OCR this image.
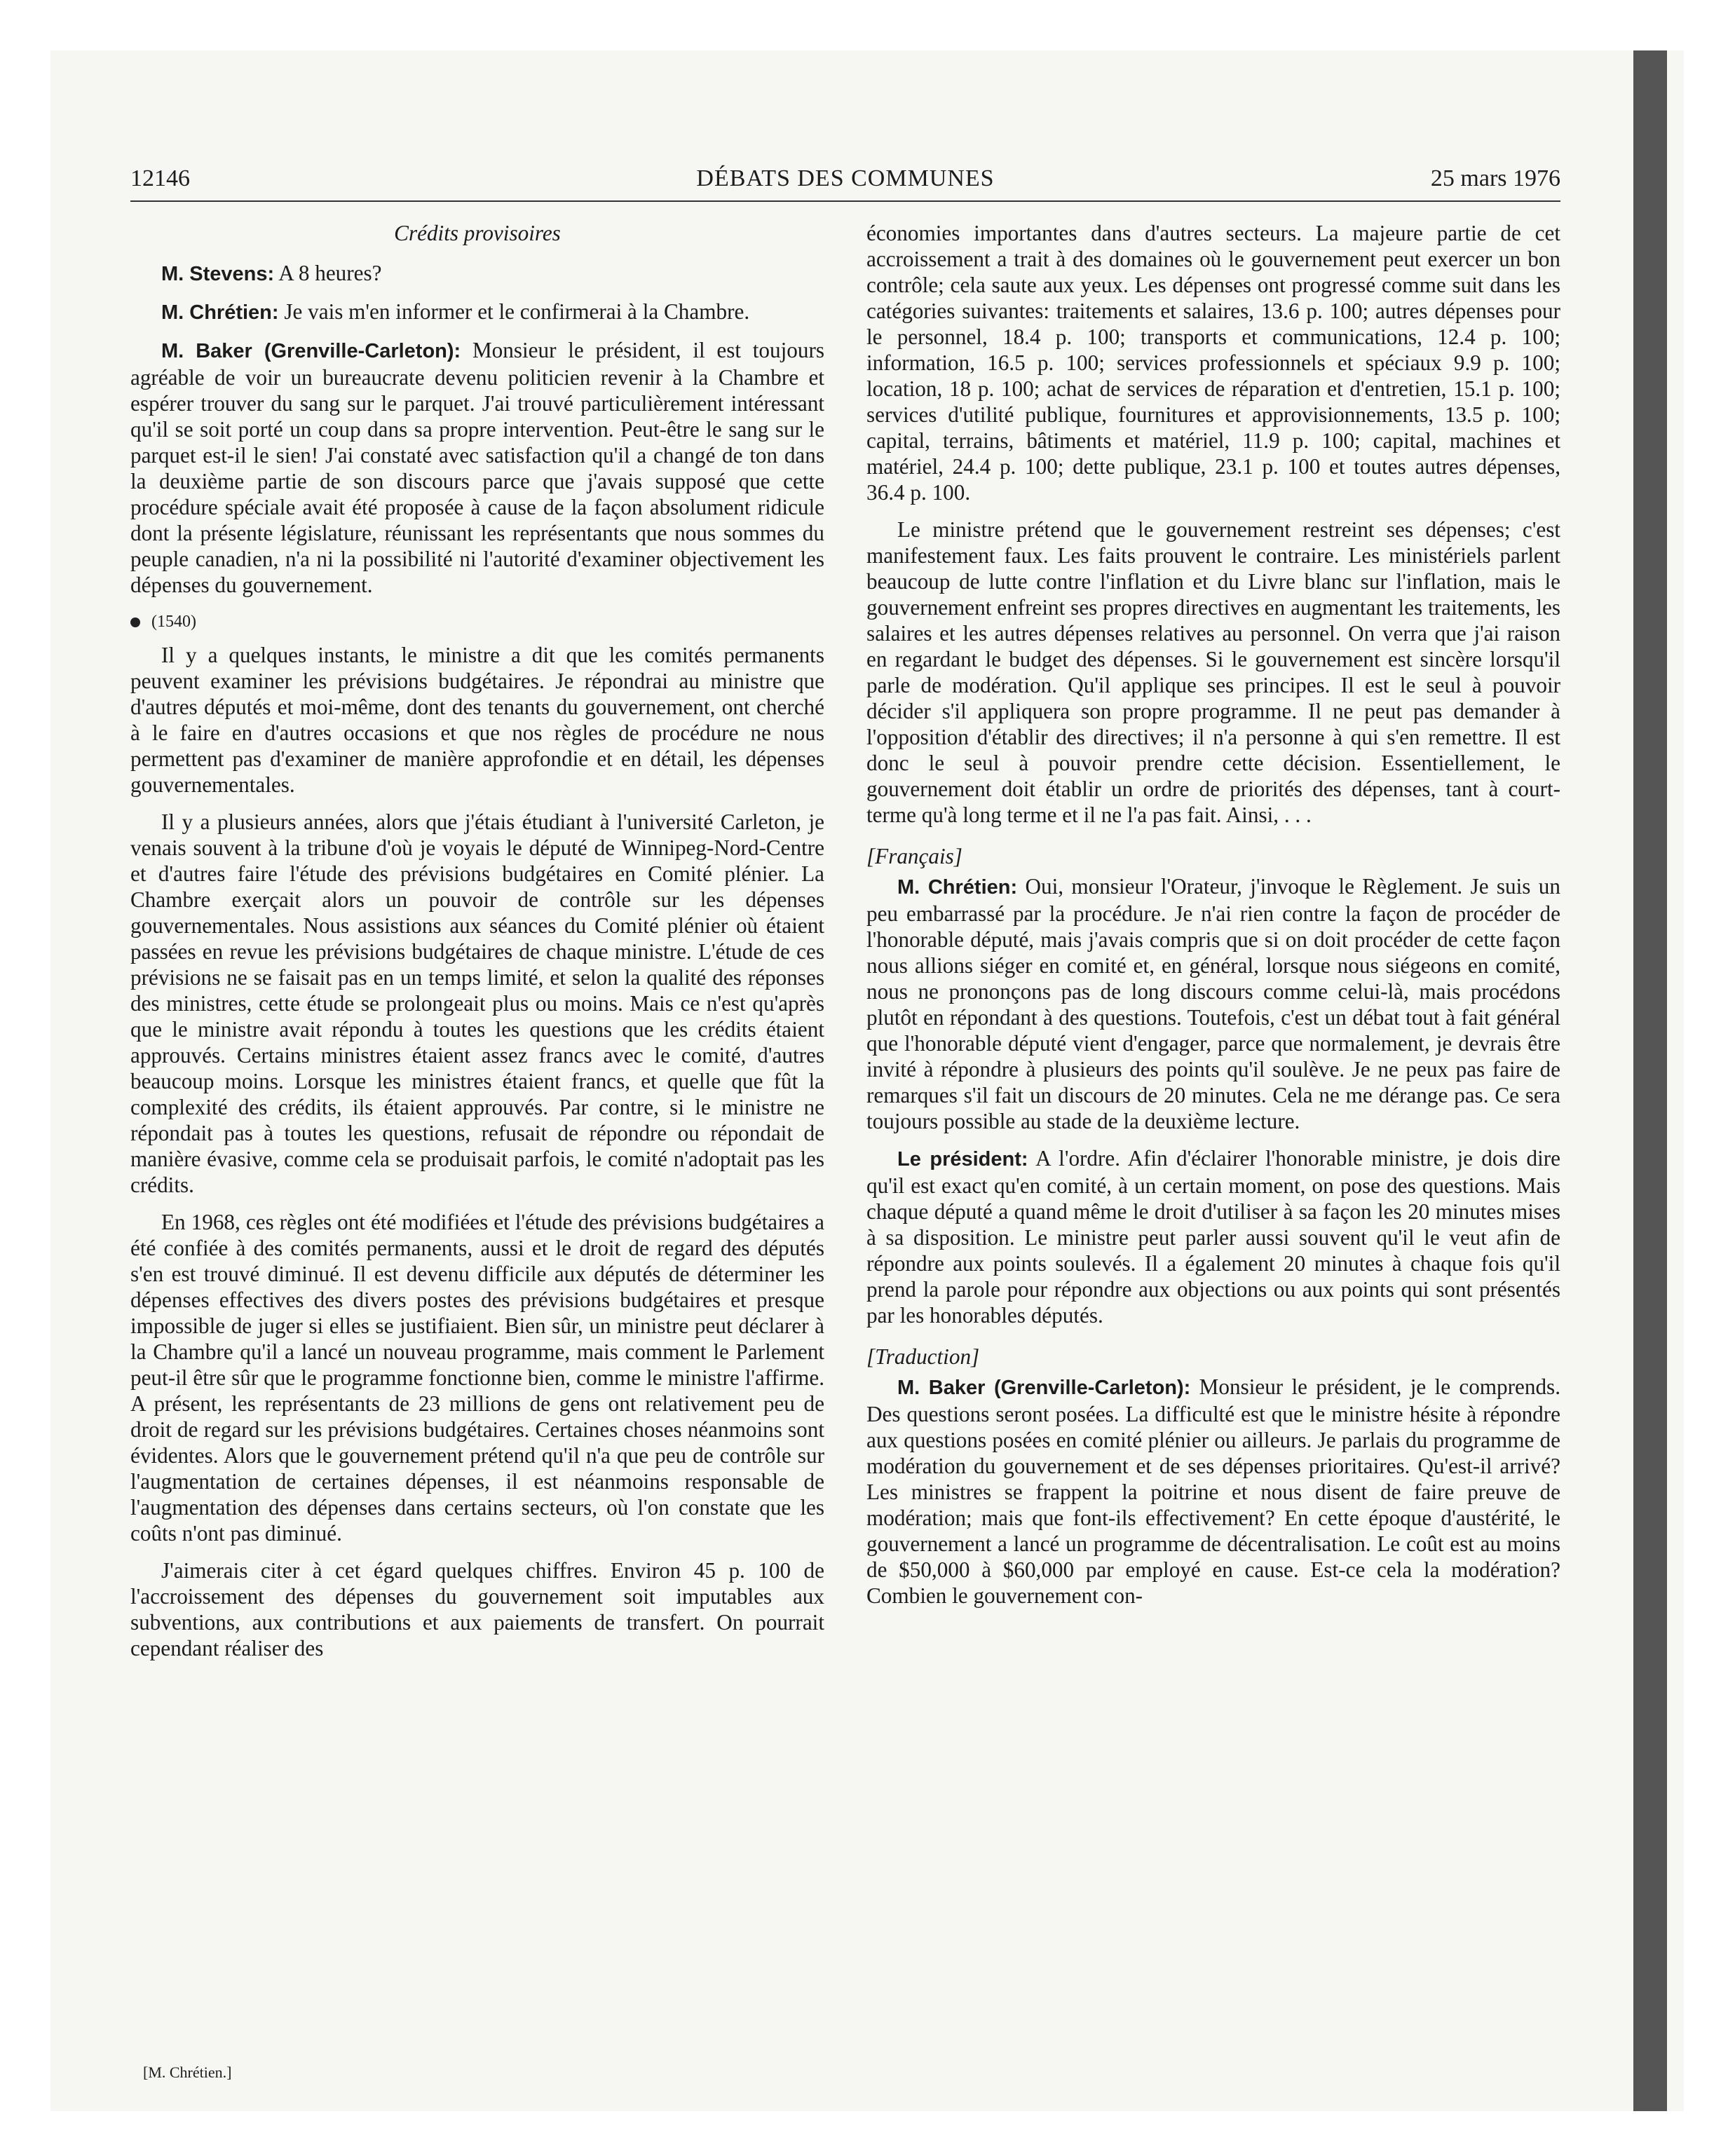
12146	DÉBATS DES COMMUNES	25 mars 1976

Crédits provisoires

M. Stevens: A 8 heures?

M. Chrétien: Je vais m'en informer et le confirmerai à la Chambre.

M. Baker (Grenville-Carleton): Monsieur le président, il est toujours agréable de voir un bureaucrate devenu politicien revenir à la Chambre et espérer trouver du sang sur le parquet. J'ai trouvé particulièrement intéressant qu'il se soit porté un coup dans sa propre intervention. Peut-être le sang sur le parquet est-il le sien! J'ai constaté avec satisfaction qu'il a changé de ton dans la deuxième partie de son discours parce que j'avais supposé que cette procédure spéciale avait été proposée à cause de la façon absolument ridicule dont la présente législature, réunissant les représentants que nous sommes du peuple canadien, n'a ni la possibilité ni l'autorité d'examiner objectivement les dépenses du gouvernement.

(1540)

Il y a quelques instants, le ministre a dit que les comités permanents peuvent examiner les prévisions budgétaires. Je répondrai au ministre que d'autres députés et moi-même, dont des tenants du gouvernement, ont cherché à le faire en d'autres occasions et que nos règles de procédure ne nous permettent pas d'examiner de manière approfondie et en détail, les dépenses gouvernementales.

Il y a plusieurs années, alors que j'étais étudiant à l'université Carleton, je venais souvent à la tribune d'où je voyais le député de Winnipeg-Nord-Centre et d'autres faire l'étude des prévisions budgétaires en Comité plénier. La Chambre exerçait alors un pouvoir de contrôle sur les dépenses gouvernementales. Nous assistions aux séances du Comité plénier où étaient passées en revue les prévisions budgétaires de chaque ministre. L'étude de ces prévisions ne se faisait pas en un temps limité, et selon la qualité des réponses des ministres, cette étude se prolongeait plus ou moins. Mais ce n'est qu'après que le ministre avait répondu à toutes les questions que les crédits étaient approuvés. Certains ministres étaient assez francs avec le comité, d'autres beaucoup moins. Lorsque les ministres étaient francs, et quelle que fût la complexité des crédits, ils étaient approuvés. Par contre, si le ministre ne répondait pas à toutes les questions, refusait de répondre ou répondait de manière évasive, comme cela se produisait parfois, le comité n'adoptait pas les crédits.

En 1968, ces règles ont été modifiées et l'étude des prévisions budgétaires a été confiée à des comités permanents, aussi et le droit de regard des députés s'en est trouvé diminué. Il est devenu difficile aux députés de déterminer les dépenses effectives des divers postes des prévisions budgétaires et presque impossible de juger si elles se justifiaient. Bien sûr, un ministre peut déclarer à la Chambre qu'il a lancé un nouveau programme, mais comment le Parlement peut-il être sûr que le programme fonctionne bien, comme le ministre l'affirme. A présent, les représentants de 23 millions de gens ont relativement peu de droit de regard sur les prévisions budgétaires. Certaines choses néanmoins sont évidentes. Alors que le gouvernement prétend qu'il n'a que peu de contrôle sur l'augmentation de certaines dépenses, il est néanmoins responsable de l'augmentation des dépenses dans certains secteurs, où l'on constate que les coûts n'ont pas diminué.

J'aimerais citer à cet égard quelques chiffres. Environ 45 p. 100 de l'accroissement des dépenses du gouvernement soit imputables aux subventions, aux contributions et aux paiements de transfert. On pourrait cependant réaliser des

économies importantes dans d'autres secteurs. La majeure partie de cet accroissement a trait à des domaines où le gouvernement peut exercer un bon contrôle; cela saute aux yeux. Les dépenses ont progressé comme suit dans les catégories suivantes: traitements et salaires, 13.6 p. 100; autres dépenses pour le personnel, 18.4 p. 100; transports et communications, 12.4 p. 100; information, 16.5 p. 100; services professionnels et spéciaux 9.9 p. 100; location, 18 p. 100; achat de services de réparation et d'entretien, 15.1 p. 100; services d'utilité publique, fournitures et approvisionnements, 13.5 p. 100; capital, terrains, bâtiments et matériel, 11.9 p. 100; capital, machines et matériel, 24.4 p. 100; dette publique, 23.1 p. 100 et toutes autres dépenses, 36.4 p. 100.

Le ministre prétend que le gouvernement restreint ses dépenses; c'est manifestement faux. Les faits prouvent le contraire. Les ministériels parlent beaucoup de lutte contre l'inflation et du Livre blanc sur l'inflation, mais le gouvernement enfreint ses propres directives en augmentant les traitements, les salaires et les autres dépenses relatives au personnel. On verra que j'ai raison en regardant le budget des dépenses. Si le gouvernement est sincère lorsqu'il parle de modération. Qu'il applique ses principes. Il est le seul à pouvoir décider s'il appliquera son propre programme. Il ne peut pas demander à l'opposition d'établir des directives; il n'a personne à qui s'en remettre. Il est donc le seul à pouvoir prendre cette décision. Essentiellement, le gouvernement doit établir un ordre de priorités des dépenses, tant à court-terme qu'à long terme et il ne l'a pas fait. Ainsi, . . .

[Français]

M. Chrétien: Oui, monsieur l'Orateur, j'invoque le Règlement. Je suis un peu embarrassé par la procédure. Je n'ai rien contre la façon de procéder de l'honorable député, mais j'avais compris que si on doit procéder de cette façon nous allions siéger en comité et, en général, lorsque nous siégeons en comité, nous ne prononçons pas de long discours comme celui-là, mais procédons plutôt en répondant à des questions. Toutefois, c'est un débat tout à fait général que l'honorable député vient d'engager, parce que normalement, je devrais être invité à répondre à plusieurs des points qu'il soulève. Je ne peux pas faire de remarques s'il fait un discours de 20 minutes. Cela ne me dérange pas. Ce sera toujours possible au stade de la deuxième lecture.

Le président: A l'ordre. Afin d'éclairer l'honorable ministre, je dois dire qu'il est exact qu'en comité, à un certain moment, on pose des questions. Mais chaque député a quand même le droit d'utiliser à sa façon les 20 minutes mises à sa disposition. Le ministre peut parler aussi souvent qu'il le veut afin de répondre aux points soulevés. Il a également 20 minutes à chaque fois qu'il prend la parole pour répondre aux objections ou aux points qui sont présentés par les honorables députés.

[Traduction]

M. Baker (Grenville-Carleton): Monsieur le président, je le comprends. Des questions seront posées. La difficulté est que le ministre hésite à répondre aux questions posées en comité plénier ou ailleurs. Je parlais du programme de modération du gouvernement et de ses dépenses prioritaires. Qu'est-il arrivé? Les ministres se frappent la poitrine et nous disent de faire preuve de modération; mais que font-ils effectivement? En cette époque d'austérité, le gouvernement a lancé un programme de décentralisation. Le coût est au moins de $50,000 à $60,000 par employé en cause. Est-ce cela la modération? Combien le gouvernement con-

[M. Chrétien.]
